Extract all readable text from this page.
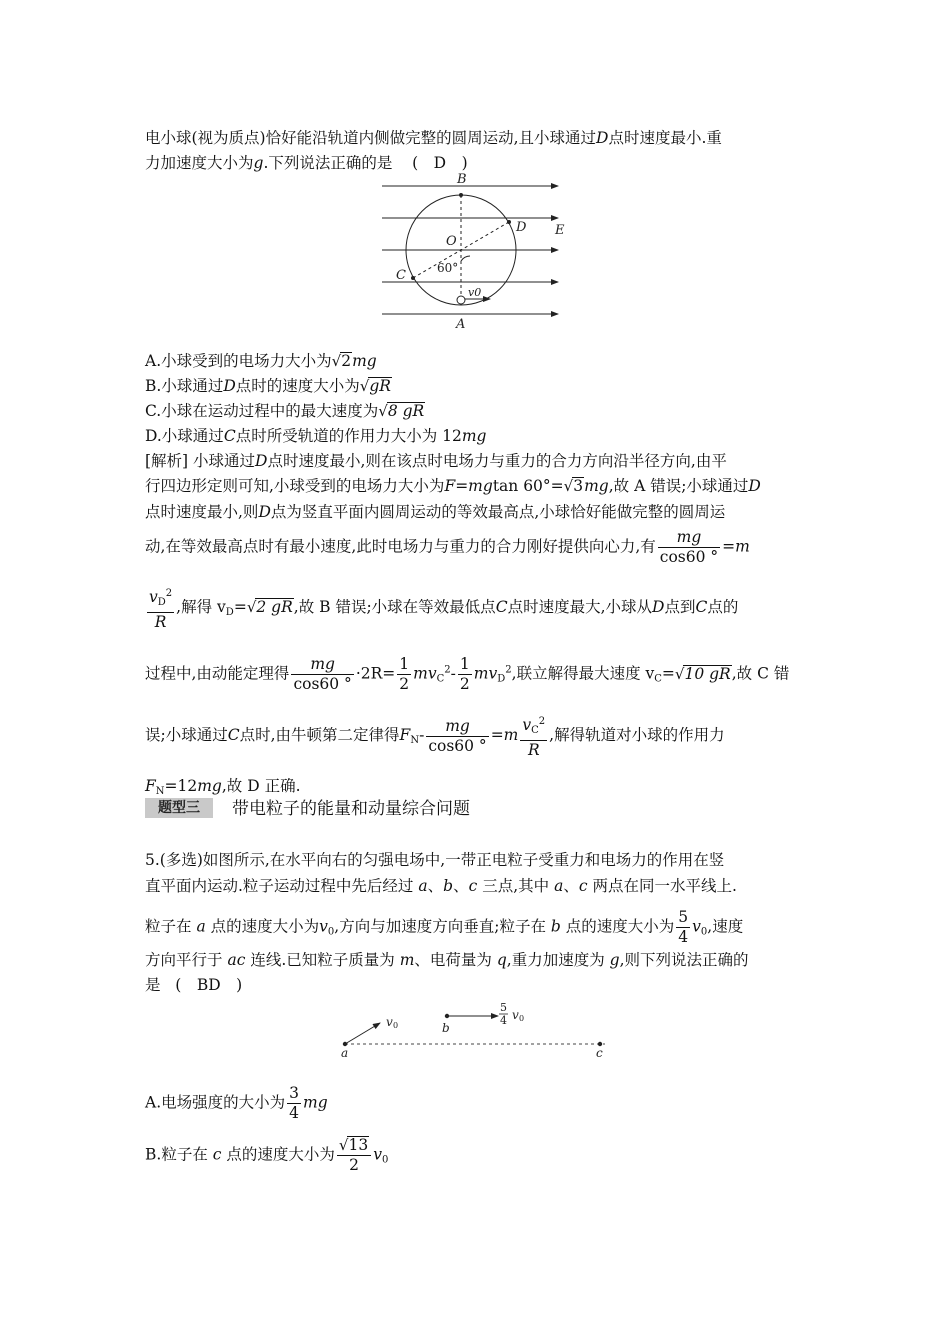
电小球(视为质点)恰好能沿轨道内侧做完整的圆周运动,且小球通过D点时速度最小.重
力加速度大小为g.下列说法正确的是 (　D　)
B
D E
O
C
A
v0
60°
A.小球受到的电场力大小为√2mg
B.小球通过D点时的速度大小为√gR
C.小球在运动过程中的最大速度为√8 gR
D.小球通过C点时所受轨道的作用力大小为 12mg
[解析] 小球通过D点时速度最小,则在该点时电场力与重力的合力方向沿半径方向,由平
行四边形定则可知,小球受到的电场力大小为F=mgtan 60°=√3mg,故 A 错误;小球通过D
点时速度最小,则D点为竖直平面内圆周运动的等效最高点,小球恰好能做完整的圆周运
动,在等效最高点时有最小速度,此时电场力与重力的合力刚好提供向心力,有 $\frac{mg}{\cos 60 ^\circ} =m$
$\frac{v_D^2}{R}$ ,解得 $v_D=√2$ gR,故 B 错误;小球在等效最低点C点时速度最大,小球从D点到C点的
过程中,由动能定理得 $\frac{mg}{\cos 60 ^\circ} \cdot 2R= \frac{1}{2} mv_C^2- \frac{1}{2} mv_D^2$,联立解得最大速度 $v_C=√10$ gR,故 C 错
误;小球通过C点时,由牛顿第二定律得$F_N- \frac{mg}{\cos 60 ^\circ} =m \frac{v_C^2}{R}$ ,解得轨道对小球的作用力
$F_N=12mg$,故 D 正确.
题型三	带电粒子的能量和动量综合问题
5.(多选)如图所示,在水平向右的匀强电场中,一带正电粒子受重力和电场力的作用在竖
直平面内运动.粒子运动过程中先后经过 a、b、c 三点,其中 a、c 两点在同一水平线上.
粒子在 a 点的速度大小为$v_0$,方向与加速度方向垂直;粒子在 b 点的速度大小为 $\frac{5}{4} v_0$,速度
方向平行于 ac 连线.已知粒子质量为 m、电荷量为 q,重力加速度为 g,则下列说法正确的
是 (　BD　)
a
b
c
v	v
0
0
5
4
A.电场强度的大小为 $\frac{3}{4}$ mg
B.粒子在 c 点的速度大小为 $\frac{√13}{2} v_0$
